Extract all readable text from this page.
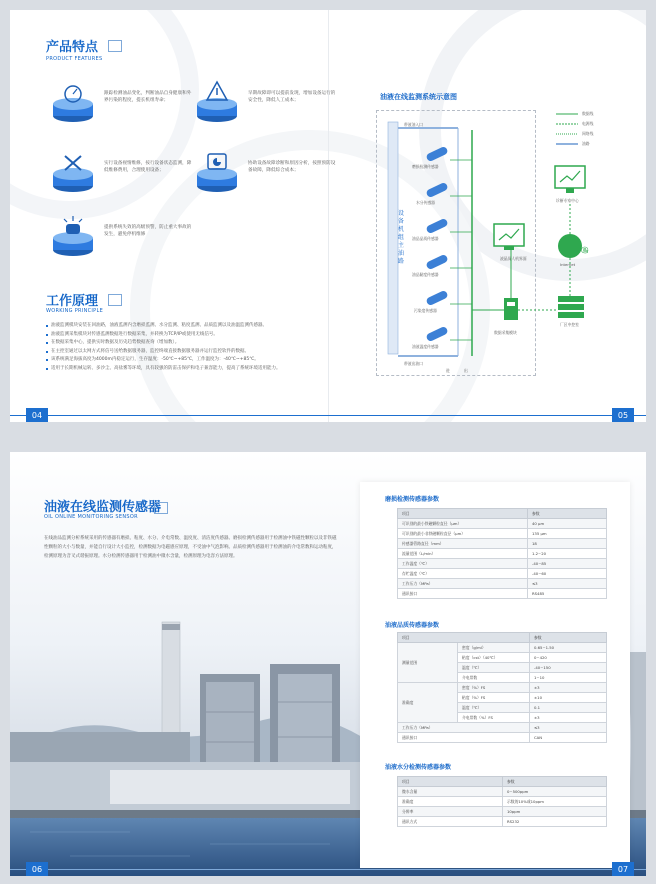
产品特点
PRODUCT FEATURES
跟踪检测油品变化，判断油品自身健康和外界污染的程度，提长机组寿命；
早期故障即可以提前发现，增加设备运行的安全性，降低人工成本；
实行设备视情维修，按行设备状态监测，降低维修费用，合理使用设备；
协助设备故障诊断和原因分析，按照预防设备故障，降低综合成本；
提供系统失效的高级预警，防止重大事故的发生，避免停机维修
工作原理
WORKING PRINCIPLE
油液监测模块安装在回油路，油液监测内含磨损监测、水分监测、粘度监测、品质监测以及油温监测传感器。
油液监测采集模块对传感监测数据进行数据采集，并转换为TCP/IP或使用无线信号。
在数据采集中心，提供实时数据及历史趋势数据查询（增加数）。
在主控室通过以太网方式将信号送给数据服务器，监控终端直接数据服务器并运行监控软件的数据。
该系统满足海拔高度为4000m内稳定运行，生存温度：-50℃~+85℃，工作温度为：-40℃~+85℃。
适用于长期机械运转、多沙尘、高盐雾等环境，具有较强的防雷击保护和电子兼容能力，提高了系统环境适用能力。
04
油液在线监测系统示意图
e
带液油入口
带液出油口
设备机组主油路
磨损检测传感器
水分传感器
油品品质传感器
油品黏度传感器
污染度传感器
油液温度传感器
数据采集模块
液晶屏人机界面
诊断专家中心
Internet
厂区中控室
数据线
电源线
网络线
油路
进	出
05
油液在线监测传感器
OIL ONLINE MONITORING SENSOR
在线油品监测分析系统采用的传感器有磨损、粘度、水分、介电常数、温度度、清洁度传感器。磨损检测传感器用于检测油中铁磁性颗粒以及非铁磁性颗粒的大小与数量，并能自行设计大小监控，检测数据为电磁感应原理，不受油中气泡影响。品质检测传感器用于检测油的介电常数和运动粘度，检测原理为音叉式谐振原理。水分检测传感器用于检测油中微水含量，检测原理为电容方法原理。
磨损检测传感器参数
项目	参数
可识别的最小铁磁颗粒直径（μm）	40 μm
可识别的最小非铁磁颗粒直径（μm）	135 μm
传感器管路直径（mm）	18
流量范围（L/min）	1.2~20
工作温度（℃）	-40~85
存贮温度（℃）	-40~60
工作压力（MPa）	≤3
通讯接口	RS485
油液品质传感器参数
项目		参数
测量范围	密度（g/ml）	0.65~1.50
	粘度（cst）（40℃）	0~420
	温度（℃）	-40~150
	介电常数	1~10
准确度	密度（%）FS	±3
	粘度（%）FS	±10
	温度（℃）	0.1
	介电常数（%）FS	±3
工作压力（MPa）		≤3
通讯接口		CAN
油液水分检测传感器参数
项目	参数
微水含量	0~500ppm
准确度	示数的10%或10ppm
分辨率	10ppm
通讯方式	RS232
06	07
